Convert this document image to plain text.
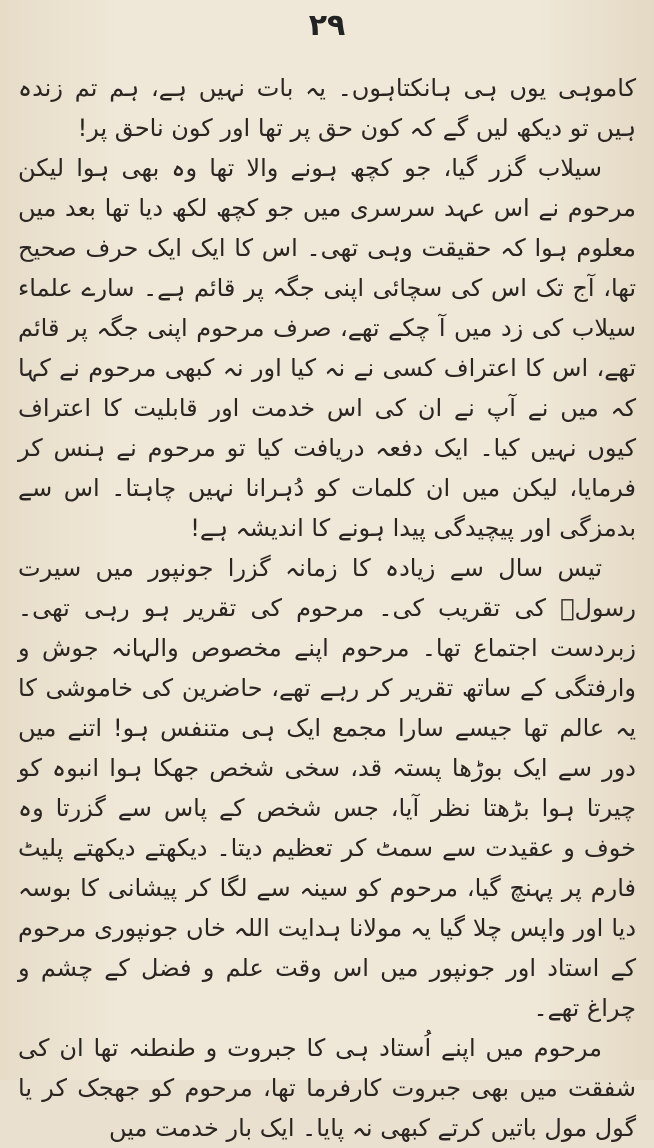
۲۹

کاموہی یوں ہی ہانکتاہوں۔ یہ بات نہیں ہے، ہم تم زندہ ہیں تو دیکھ لیں گے کہ کون حق پر تھا اور کون ناحق پر!

سیلاب گزر گیا، جو کچھ ہونے والا تھا وہ بھی ہوا لیکن مرحوم نے اس عہد سرسری میں جو کچھ لکھ دیا تھا بعد میں معلوم ہوا کہ حقیقت وہی تھی۔ اس کا ایک ایک حرف صحیح تھا، آج تک اس کی سچائی اپنی جگہ پر قائم ہے۔ سارے علماء سیلاب کی زد میں آ چکے تھے، صرف مرحوم اپنی جگہ پر قائم تھے، اس کا اعتراف کسی نے نہ کیا اور نہ کبھی مرحوم نے کہا کہ میں نے آپ نے ان کی اس خدمت اور قابلیت کا اعتراف کیوں نہیں کیا۔ ایک دفعہ دریافت کیا تو مرحوم نے ہنس کر فرمایا، لیکن میں ان کلمات کو دُہرانا نہیں چاہتا۔ اس سے بدمزگی اور پیچیدگی پیدا ہونے کا اندیشہ ہے!

تیس سال سے زیادہ کا زمانہ گزرا جونپور میں سیرت رسولؐ کی تقریب کی۔ مرحوم کی تقریر ہو رہی تھی۔ زبردست اجتماع تھا۔ مرحوم اپنے مخصوص والہانہ جوش و وارفتگی کے ساتھ تقریر کر رہے تھے، حاضرین کی خاموشی کا یہ عالم تھا جیسے سارا مجمع ایک ہی متنفس ہو! اتنے میں دور سے ایک بوڑھا پستہ قد، سخی شخص جھکا ہوا انبوہ کو چیرتا ہوا بڑھتا نظر آیا، جس شخص کے پاس سے گزرتا وہ خوف و عقیدت سے سمٹ کر تعظیم دیتا۔ دیکھتے دیکھتے پلیٹ فارم پر پہنچ گیا، مرحوم کو سینہ سے لگا کر پیشانی کا بوسہ دیا اور واپس چلا گیا یہ مولانا ہدایت اللہ خاں جونپوری مرحوم کے استاد اور جونپور میں اس وقت علم و فضل کے چشم و چراغ تھے۔

مرحوم میں اپنے اُستاد ہی کا جبروت و طنطنہ تھا ان کی شفقت میں بھی جبروت کارفرما تھا، مرحوم کو جھجک کر یا گول مول باتیں کرتے کبھی نہ پایا۔ ایک بار خدمت میں
